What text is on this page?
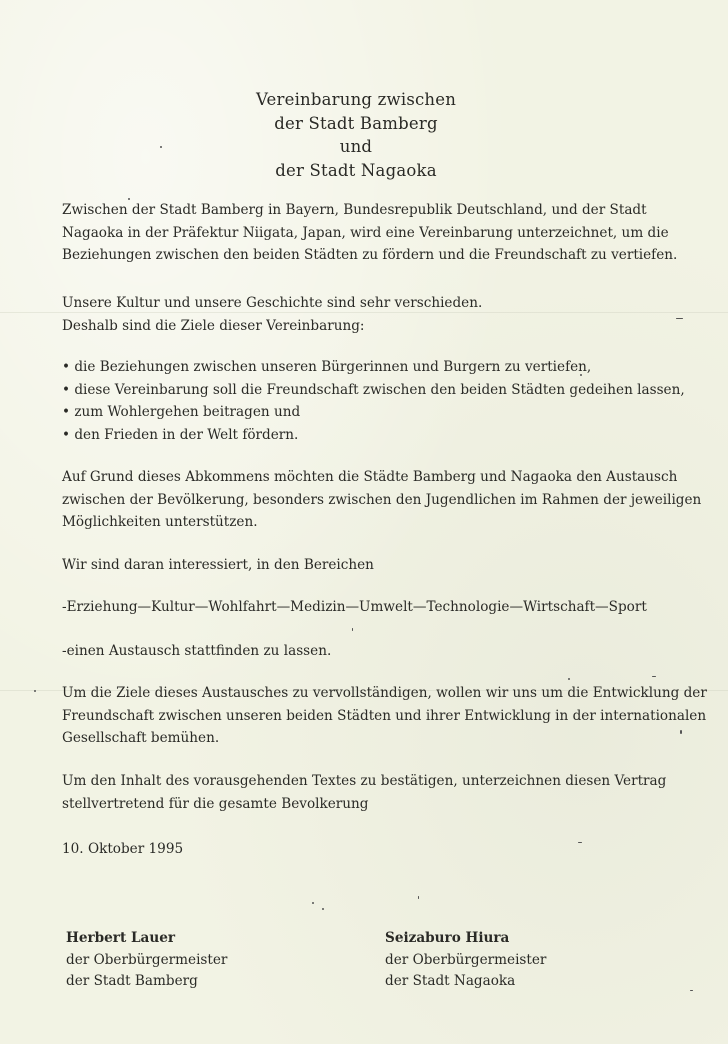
Vereinbarung zwischen
der Stadt Bamberg
und
der Stadt Nagaoka
Zwischen der Stadt Bamberg in Bayern, Bundesrepublik Deutschland, und der Stadt
Nagaoka in der Präfektur Niigata, Japan, wird eine Vereinbarung unterzeichnet, um die
Beziehungen zwischen den beiden Städten zu fördern und die Freundschaft zu vertiefen.
Unsere Kultur und unsere Geschichte sind sehr verschieden.
Deshalb sind die Ziele dieser Vereinbarung:
• die Beziehungen zwischen unseren Bürgerinnen und Burgern zu vertiefen,
• diese Vereinbarung soll die Freundschaft zwischen den beiden Städten gedeihen lassen,
• zum Wohlergehen beitragen und
• den Frieden in der Welt fördern.
Auf Grund dieses Abkommens möchten die Städte Bamberg und Nagaoka den Austausch
zwischen der Bevölkerung, besonders zwischen den Jugendlichen im Rahmen der jeweiligen
Möglichkeiten unterstützen.
Wir sind daran interessiert, in den Bereichen
-Erziehung—Kultur—Wohlfahrt—Medizin—Umwelt—Technologie—Wirtschaft—Sport
-einen Austausch stattfinden zu lassen.
Um die Ziele dieses Austausches zu vervollständigen, wollen wir uns um die Entwicklung der
Freundschaft zwischen unseren beiden Städten und ihrer Entwicklung in der internationalen
Gesellschaft bemühen.
Um den Inhalt des vorausgehenden Textes zu bestätigen, unterzeichnen diesen Vertrag
stellvertretend für die gesamte Bevolkerung
10. Oktober 1995
Herbert Lauer
der Oberbürgermeister
der Stadt Bamberg
Seizaburo Hiura
der Oberbürgermeister
der Stadt Nagaoka
